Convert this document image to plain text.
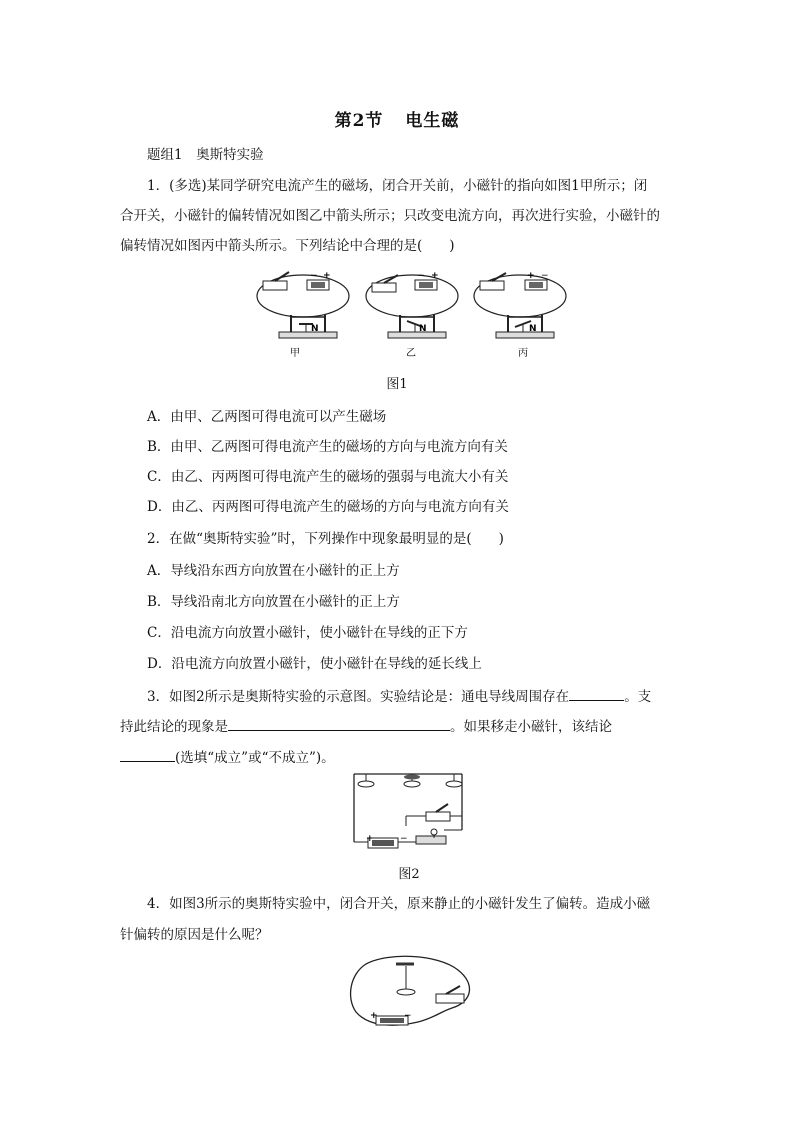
第2节 电生磁
题组1　奥斯特实验
1．(多选)某同学研究电流产生的磁场，闭合开关前，小磁针的指向如图1甲所示；闭
合开关，小磁针的偏转情况如图乙中箭头所示；只改变电流方向，再次进行实验，小磁针的
偏转情况如图丙中箭头所示。下列结论中合理的是(　　)
− +
N
甲
− +
N
乙
+ −
N
丙
图1
A．由甲、乙两图可得电流可以产生磁场
B．由甲、乙两图可得电流产生的磁场的方向与电流方向有关
C．由乙、丙两图可得电流产生的磁场的强弱与电流大小有关
D．由乙、丙两图可得电流产生的磁场的方向与电流方向有关
2．在做“奥斯特实验”时，下列操作中现象最明显的是(　　)
A．导线沿东西方向放置在小磁针的正上方
B．导线沿南北方向放置在小磁针的正上方
C．沿电流方向放置小磁针，使小磁针在导线的正下方
D．沿电流方向放置小磁针，使小磁针在导线的延长线上
3．如图2所示是奥斯特实验的示意图。实验结论是：通电导线周围存在	。支
持此结论的现象是	。如果移走小磁针，该结论
(选填“成立”或“不成立”)。
+	−
图2
4．如图3所示的奥斯特实验中，闭合开关，原来静止的小磁针发生了偏转。造成小磁
针偏转的原因是什么呢？
+	−
